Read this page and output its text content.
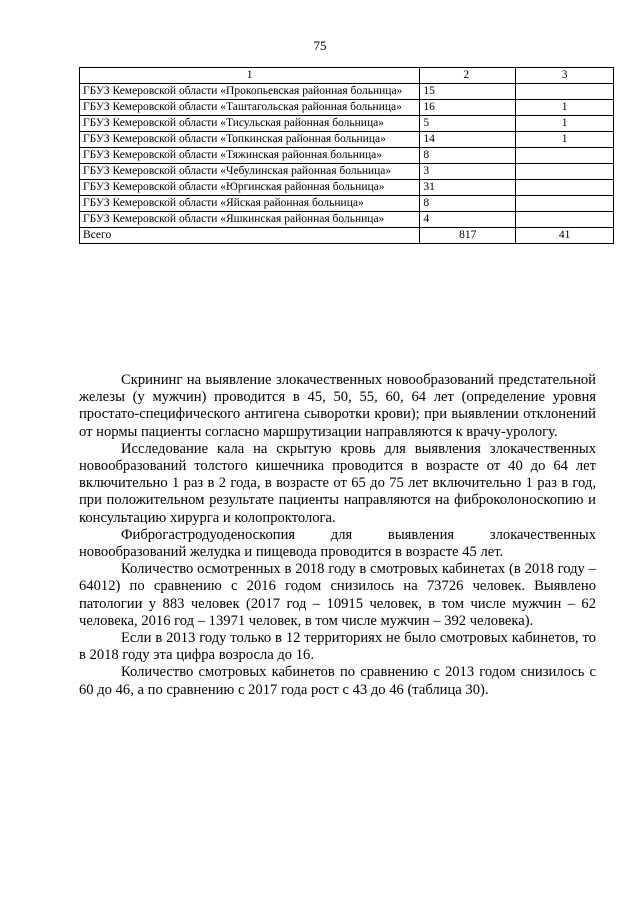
75
1	2	3
ГБУЗ Кемеровской области «Прокопьевская районная больница»	15	
ГБУЗ Кемеровской области «Таштагольская районная больница»	16	1
ГБУЗ Кемеровской области «Тисульская районная больница»	5	1
ГБУЗ Кемеровской области «Топкинская районная больница»	14	1
ГБУЗ Кемеровской области «Тяжинская районная больница»	8	
ГБУЗ Кемеровской области «Чебулинская районная больница»	3	
ГБУЗ Кемеровской области «Юргинская районная больница»	31	
ГБУЗ Кемеровской области «Яйская районная больница»	8	
ГБУЗ Кемеровской области «Яшкинская районная больница»	4	
Всего	817	41

Скрининг на выявление злокачественных новообразований предстательной железы (у мужчин) проводится в 45, 50, 55, 60, 64 лет (определение уровня простато-специфического антигена сыворотки крови); при выявлении отклонений от нормы пациенты согласно маршрутизации направляются к врачу-урологу.

Исследование кала на скрытую кровь для выявления злокачественных новообразований толстого кишечника проводится в возрасте от 40 до 64 лет включительно 1 раз в 2 года, в возрасте от 65 до 75 лет включительно 1 раз в год, при положительном результате пациенты направляются на фиброколоноскопию и консультацию хирурга и колопроктолога.

Фиброгастродуоденоскопия для выявления злокачественных новообразований желудка и пищевода проводится в возрасте 45 лет.

Количество осмотренных в 2018 году в смотровых кабинетах (в 2018 году – 64012) по сравнению с 2016 годом снизилось на 73726 человек. Выявлено патологии у 883 человек (2017 год – 10915 человек, в том числе мужчин – 62 человека, 2016 год – 13971 человек, в том числе мужчин – 392 человека).

Если в 2013 году только в 12 территориях не было смотровых кабинетов, то в 2018 году эта цифра возросла до 16.

Количество смотровых кабинетов по сравнению с 2013 годом снизилось с 60 до 46, а по сравнению с 2017 года рост с 43 до 46 (таблица 30).
